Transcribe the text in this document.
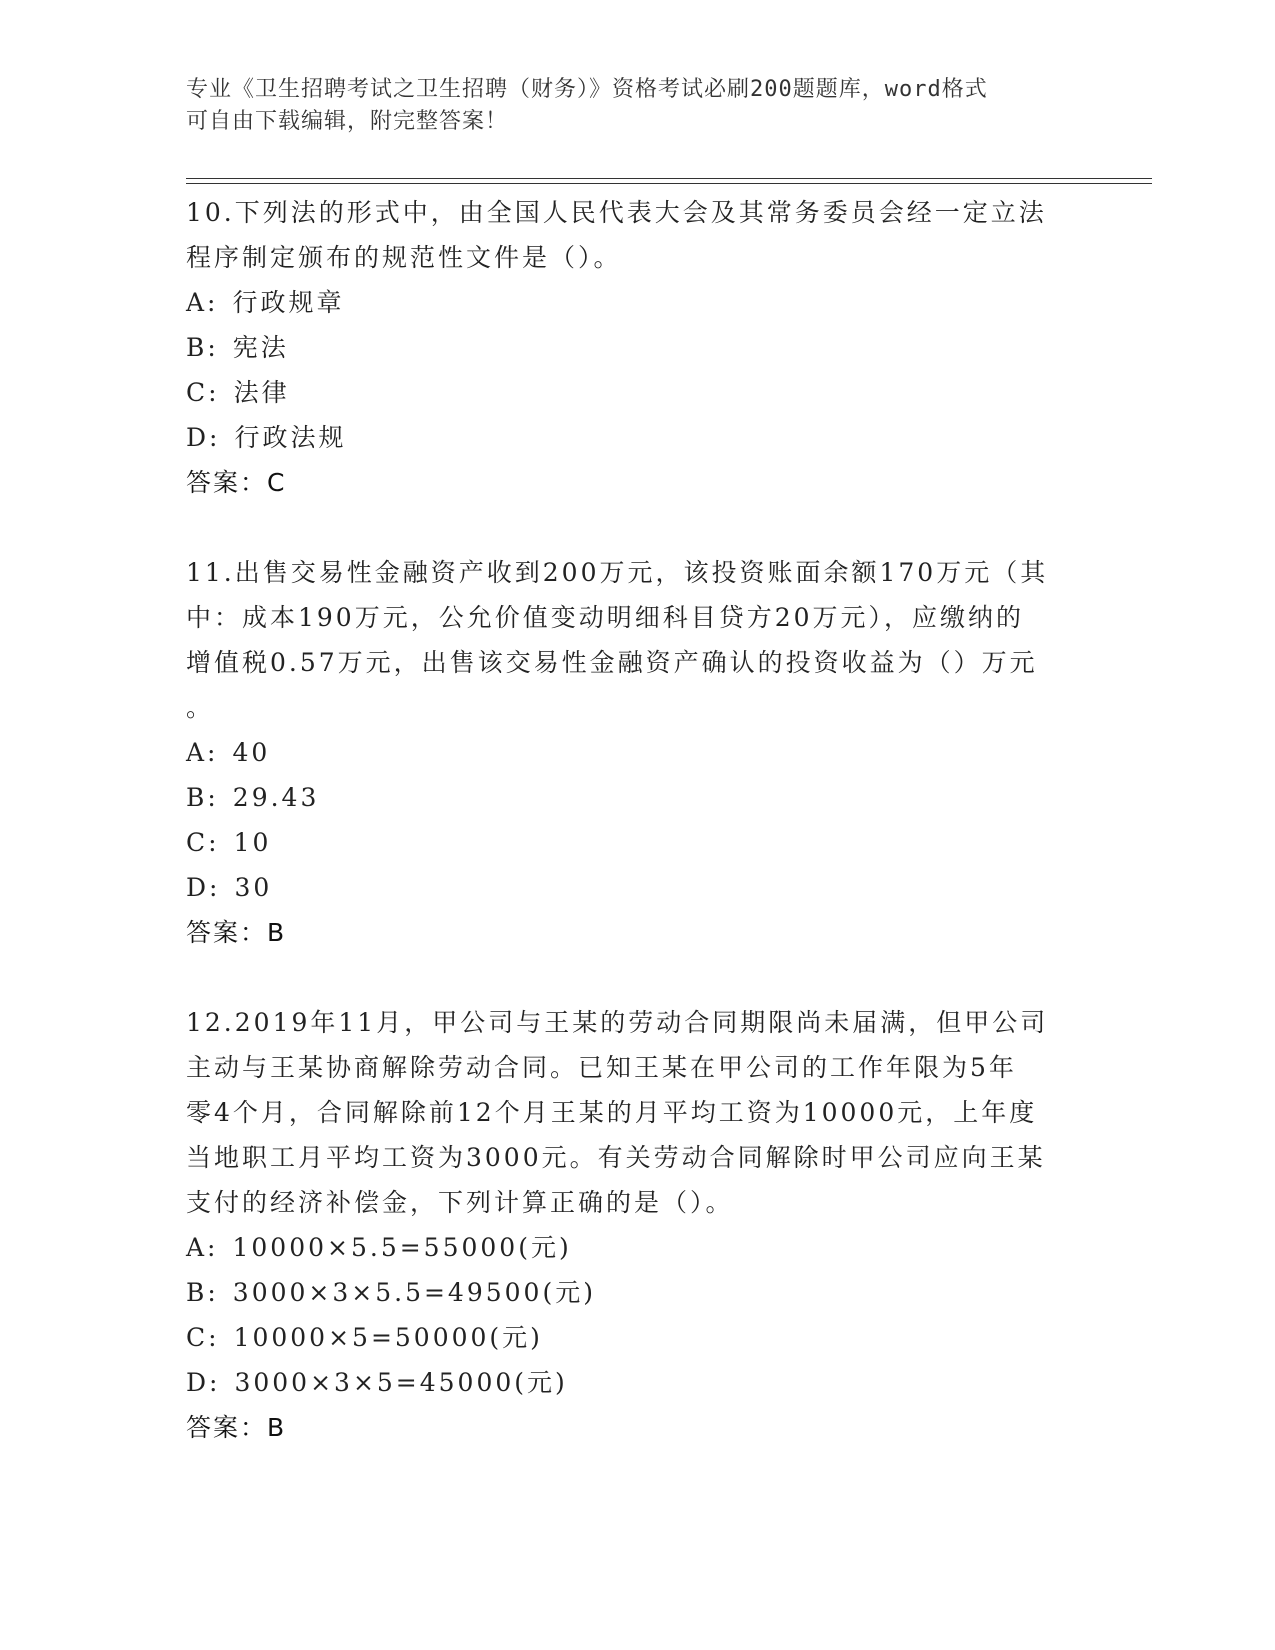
专业《卫生招聘考试之卫生招聘（财务）》资格考试必刷200题题库，word格式
可自由下载编辑，附完整答案！
10.下列法的形式中，由全国人民代表大会及其常务委员会经一定立法
程序制定颁布的规范性文件是（）。
A: 行政规章
B: 宪法
C: 法律
D: 行政法规
答案：C
11.出售交易性金融资产收到200万元，该投资账面余额170万元（其
中：成本190万元，公允价值变动明细科目贷方20万元），应缴纳的
增值税0.57万元，出售该交易性金融资产确认的投资收益为（）万元
。
A: 40
B: 29.43
C: 10
D: 30
答案：B
12.2019年11月，甲公司与王某的劳动合同期限尚未届满，但甲公司
主动与王某协商解除劳动合同。已知王某在甲公司的工作年限为5年
零4个月，合同解除前12个月王某的月平均工资为10000元，上年度
当地职工月平均工资为3000元。有关劳动合同解除时甲公司应向王某
支付的经济补偿金，下列计算正确的是（）。
A: 10000×5.5=55000(元)
B: 3000×3×5.5=49500(元)
C: 10000×5=50000(元)
D: 3000×3×5=45000(元)
答案：B
